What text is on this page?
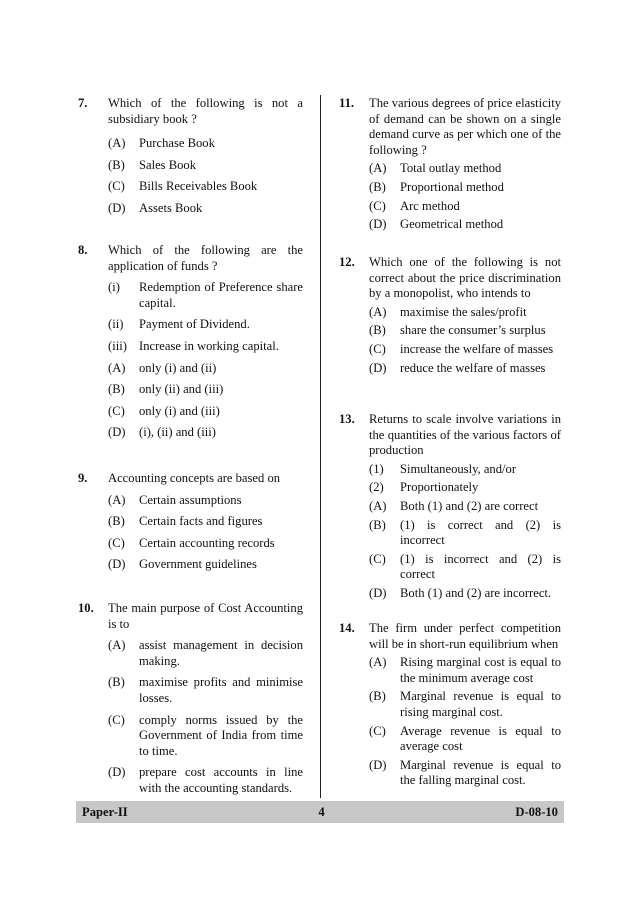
7.	Which of the following is not a subsidiary book ?
(A)	Purchase Book
(B)	Sales Book
(C)	Bills Receivables Book
(D)	Assets Book
8.	Which of the following are the application of funds ?
(i)	Redemption of Preference share capital.
(ii)	Payment of Dividend.
(iii) Increase in working capital.
(A)	only (i) and (ii)
(B)	only (ii) and (iii)
(C)	only (i) and (iii)
(D)	(i), (ii) and (iii)
9.	Accounting concepts are based on
(A)	Certain assumptions
(B)	Certain facts and figures
(C)	Certain accounting records
(D)	Government guidelines
10.	The main purpose of Cost Accounting is to
(A)	assist management in decision making.
(B)	maximise profits and minimise losses.
(C)	comply norms issued by the Government of India from time to time.
(D)	prepare cost accounts in line with the accounting standards.
11.	The various degrees of price elasticity of demand can be shown on a single demand curve as per which one of the following ?
(A)	Total outlay method
(B)	Proportional method
(C)	Arc method
(D)	Geometrical method
12.	Which one of the following is not correct about the price discrimination by a monopolist, who intends to
(A)	maximise the sales/profit
(B)	share the consumer’s surplus
(C)	increase the welfare of masses
(D)	reduce the welfare of masses
13.	Returns to scale involve variations in the quantities of the various factors of production
(1)	Simultaneously, and/or
(2)	Proportionately
(A)	Both (1) and (2) are correct
(B)	(1) is correct and (2) is incorrect
(C)	(1) is incorrect and (2) is correct
(D)	Both (1) and (2) are incorrect.
14.	The firm under perfect competition will be in short-run equilibrium when
(A)	Rising marginal cost is equal to the minimum average cost
(B)	Marginal revenue is equal to rising marginal cost.
(C)	Average revenue is equal to average cost
(D)	Marginal revenue is equal to the falling marginal cost.
Paper-II	4	D-08-10
